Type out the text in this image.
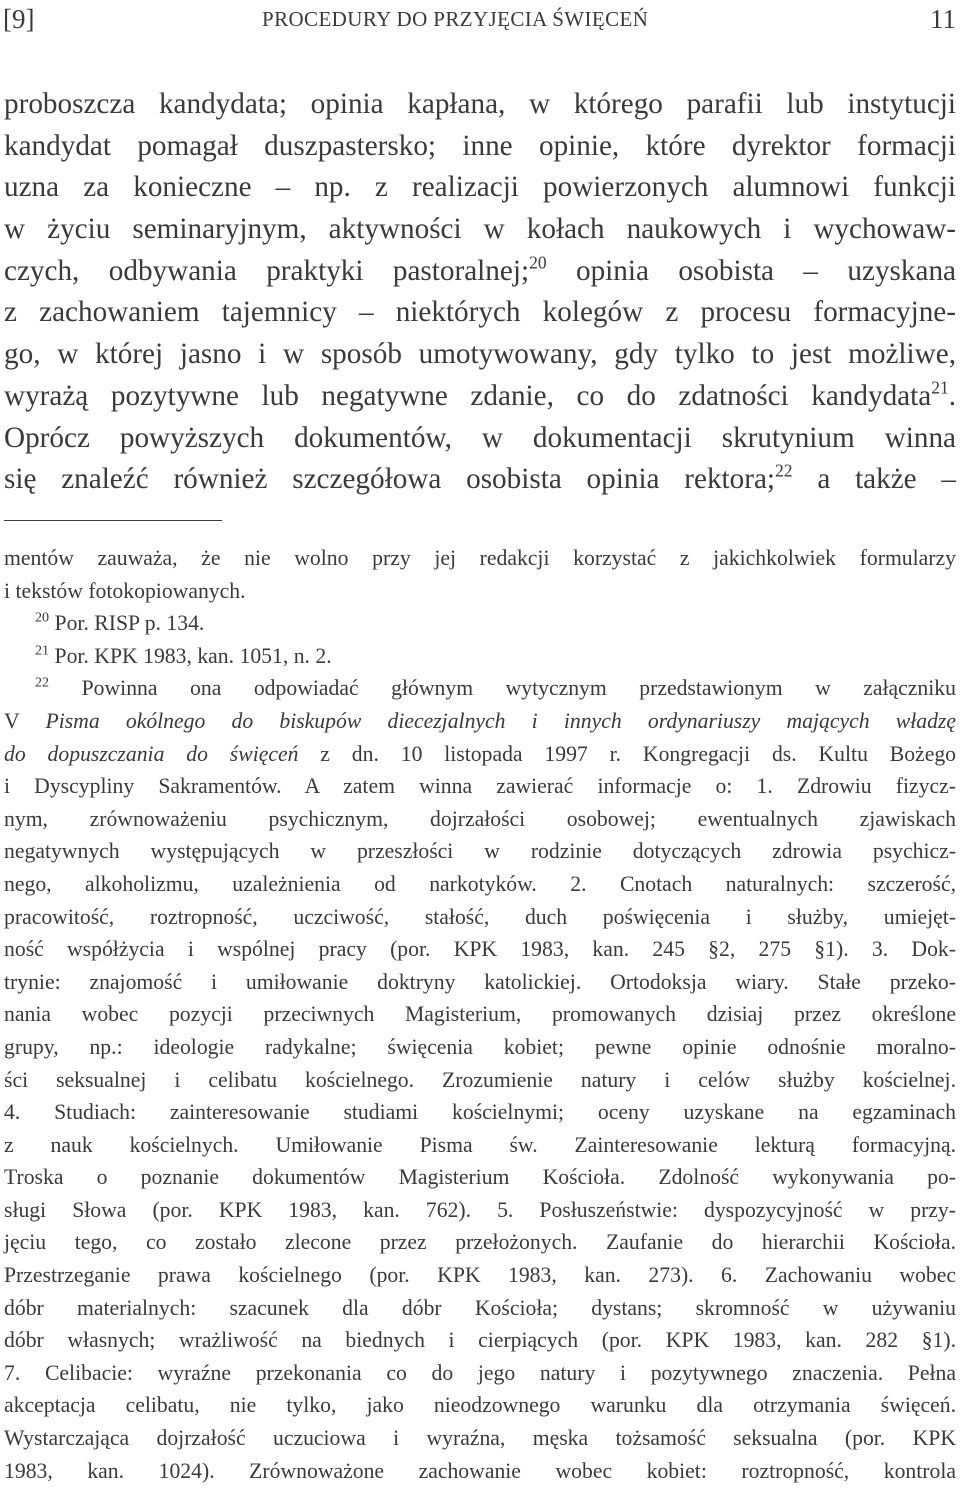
[9]	PROCEDURY DO PRZYJĘCIA ŚWIĘCEŃ	11
proboszcza kandydata; opinia kapłana, w którego parafii lub instytucji
kandydat pomagał duszpastersko; inne opinie, które dyrektor formacji
uzna za konieczne – np. z realizacji powierzonych alumnowi funkcji
w życiu seminaryjnym, aktywności w kołach naukowych i wychowaw-
czych, odbywania praktyki pastoralnej;$^{20}$ opinia osobista – uzyskana
z zachowaniem tajemnicy – niektórych kolegów z procesu formacyjne-
go, w której jasno i w sposób umotywowany, gdy tylko to jest możliwe,
wyrażą pozytywne lub negatywne zdanie, co do zdatności kandydata$^{21}$.
Oprócz powyższych dokumentów, w dokumentacji skrutynium winna
się znaleźć również szczegółowa osobista opinia rektora;$^{22}$ a także –
mentów zauważa, że nie wolno przy jej redakcji korzystać z jakichkolwiek formularzy
i tekstów fotokopiowanych.
$^{20}$ Por. RISP p. 134.
$^{21}$ Por. KPK 1983, kan. 1051, n. 2.
$^{22}$ Powinna ona odpowiadać głównym wytycznym przedstawionym w załączniku
V Pisma okólnego do biskupów diecezjalnych i innych ordynariuszy mających władzę
do dopuszczania do święceń z dn. 10 listopada 1997 r. Kongregacji ds. Kultu Bożego
i Dyscypliny Sakramentów. A zatem winna zawierać informacje o: 1. Zdrowiu fizycz-
nym, zrównoważeniu psychicznym, dojrzałości osobowej; ewentualnych zjawiskach
negatywnych występujących w przeszłości w rodzinie dotyczących zdrowia psychicz-
nego, alkoholizmu, uzależnienia od narkotyków. 2. Cnotach naturalnych: szczerość,
pracowitość, roztropność, uczciwość, stałość, duch poświęcenia i służby, umiejęt-
ność współżycia i wspólnej pracy (por. KPK 1983, kan. 245 §2, 275 §1). 3. Dok-
trynie: znajomość i umiłowanie doktryny katolickiej. Ortodoksja wiary. Stałe przeko-
nania wobec pozycji przeciwnych Magisterium, promowanych dzisiaj przez określone
grupy, np.: ideologie radykalne; święcenia kobiet; pewne opinie odnośnie moralno-
ści seksualnej i celibatu kościelnego. Zrozumienie natury i celów służby kościelnej.
4. Studiach: zainteresowanie studiami kościelnymi; oceny uzyskane na egzaminach
z nauk kościelnych. Umiłowanie Pisma św. Zainteresowanie lekturą formacyjną.
Troska o poznanie dokumentów Magisterium Kościoła. Zdolność wykonywania po-
sługi Słowa (por. KPK 1983, kan. 762). 5. Posłuszeństwie: dyspozycyjność w przy-
jęciu tego, co zostało zlecone przez przełożonych. Zaufanie do hierarchii Kościoła.
Przestrzeganie prawa kościelnego (por. KPK 1983, kan. 273). 6. Zachowaniu wobec
dóbr materialnych: szacunek dla dóbr Kościoła; dystans; skromność w używaniu
dóbr własnych; wrażliwość na biednych i cierpiących (por. KPK 1983, kan. 282 §1).
7. Celibacie: wyraźne przekonania co do jego natury i pozytywnego znaczenia. Pełna
akceptacja celibatu, nie tylko, jako nieodzownego warunku dla otrzymania święceń.
Wystarczająca dojrzałość uczuciowa i wyraźna, męska tożsamość seksualna (por. KPK
1983, kan. 1024). Zrównoważone zachowanie wobec kobiet: roztropność, kontrola
